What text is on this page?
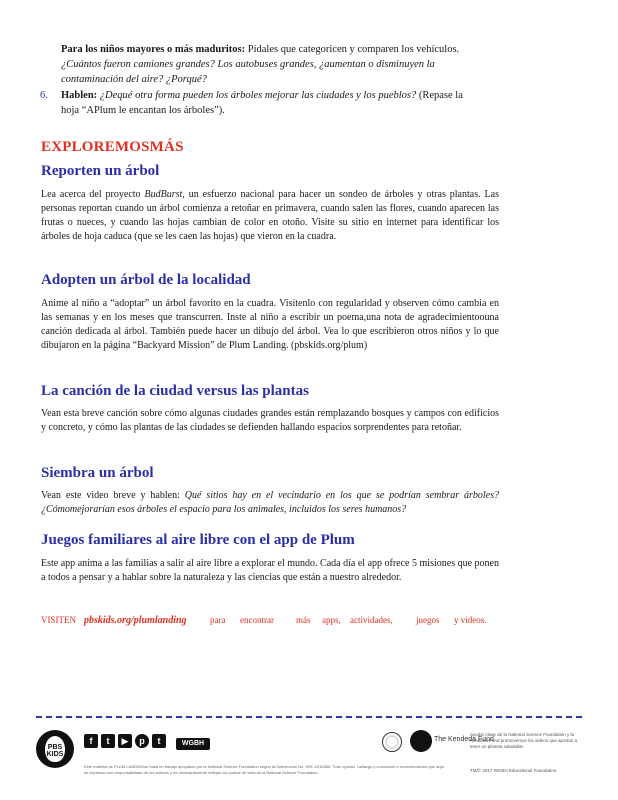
Para los niños mayores o más maduritos: Pidales que categoricen y comparen los vehículos. ¿Cuántos fueron camiones grandes? Los autobuses grandes, ¿aumentan o disminuyen la contaminación del aire? ¿Porqué?

6. Hablen: ¿Dequé otra forma pueden los árboles mejorar las ciudades y los pueblos? (Repase la hoja “APlum le encantan los árboles”).

EXPLOREMOSMÁS
Reporten un árbol

Lea acerca del proyecto BudBurst, un esfuerzo nacional para hacer un sondeo de árboles y otras plantas. Las personas reportan cuando un árbol comienza a retoñar en primavera, cuando salen las flores, cuando aparecen las frutas o nueces, y cuando las hojas cambian de color en otoño. Visite su sitio en internet para identificar los árboles de hoja caduca (que se les caen las hojas) que vieron en la cuadra.

Adopten un árbol de la localidad

Anime al niño a “adoptar” un árbol favorito en la cuadra. Visítenlo con regularidad y observen cómo cambia en las semanas y en los meses que transcurren. Inste al niño a escribir un poema,una nota de agradecimientoouna canción dedicada al árbol. También puede hacer un dibujo del árbol. Vea lo que escribieron otros niños y lo que dibujaron en la página “Backyard Mission” de Plum Landing. (pbskids.org/plum)

La canción de la ciudad versus las plantas

Vean esta breve canción sobre cómo algunas ciudades grandes están remplazando bosques y campos con edificios y concreto, y cómo las plantas de las ciudades se defienden hallando espacios sorprendentes para retoñar.

Siembra un árbol

Vean este video breve y hablen: Qué sitios hay en el vecindario en los que se podrían sembrar árboles? ¿Cómomejorarían esos árboles el espacio para los animales, incluidos los seres humanos?

Juegos familiares al aire libre con el app de Plum

Este app anima a las familias a salir al aire libre a explorar el mundo. Cada día el app ofrece 5 misiones que ponen a todos a pensar y a hablar sobre la naturaleza y las ciencias que están a nuestro alrededor.

VISITEN pbskids.org/plumlanding	para	encontrar	más	apps,	actividades,	juegos	y videos.
PBS KIDS
f	t	▶	p	t	WGBH
The Kendeda Fund

Ayudar clave de la National Science Foundation y la Kendeda Fund promovemos los videos que aportan a tener un planeta saludable.

Este material de PLUM LANDINGse basa en trabajo apoyados por la National Science Foundation según la Subvención No. DRL-1516366. Todo opinión, hallazgo y conclusión o recomendación que aquí se expresan son responsabilidad de los autores y no necesariamente reflejan los puntos de vista de la National Science Foundation.	TM/© 2017 WGBH Educational Foundation.
